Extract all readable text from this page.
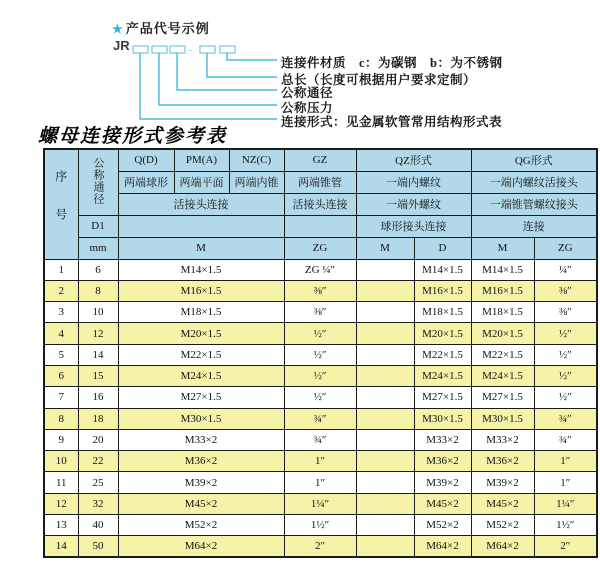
★ 产品代号示例
JR	-
连接件材质　c：为碳钢　b：为不锈钢
总长（长度可根据用户要求定制）
公称通径
公称压力
连接形式：见金属软管常用结构形式表
螺母连接形式参考表
序号	公称通径	Q(D)	PM(A)	NZ(C)	GZ	QZ形式		QG形式	
		两端球形	两端平面	两端内锥	两端锥管	一端内螺纹		一端内螺纹活接头	
		活接头连接			活接头连接	一端外螺纹		一端锥管螺纹接头	
	D1					球形接头连接		连接	
	mm	M			ZG	M	D	M	ZG
1	6	M14×1.5			ZG ¼″		M14×1.5	M14×1.5	¼″
2	8	M16×1.5			⅜″		M16×1.5	M16×1.5	⅜″
3	10	M18×1.5			⅜″		M18×1.5	M18×1.5	⅜″
4	12	M20×1.5			½″		M20×1.5	M20×1.5	½″
5	14	M22×1.5			½″		M22×1.5	M22×1.5	½″
6	15	M24×1.5			½″		M24×1.5	M24×1.5	½″
7	16	M27×1.5			½″		M27×1.5	M27×1.5	½″
8	18	M30×1.5			¾″		M30×1.5	M30×1.5	¾″
9	20	M33×2			¾″		M33×2	M33×2	¾″
10	22	M36×2			1″		M36×2	M36×2	1″
11	25	M39×2			1″		M39×2	M39×2	1″
12	32	M45×2			1¼″		M45×2	M45×2	1¼″
13	40	M52×2			1½″		M52×2	M52×2	1½″
14	50	M64×2			2″		M64×2	M64×2	2″
